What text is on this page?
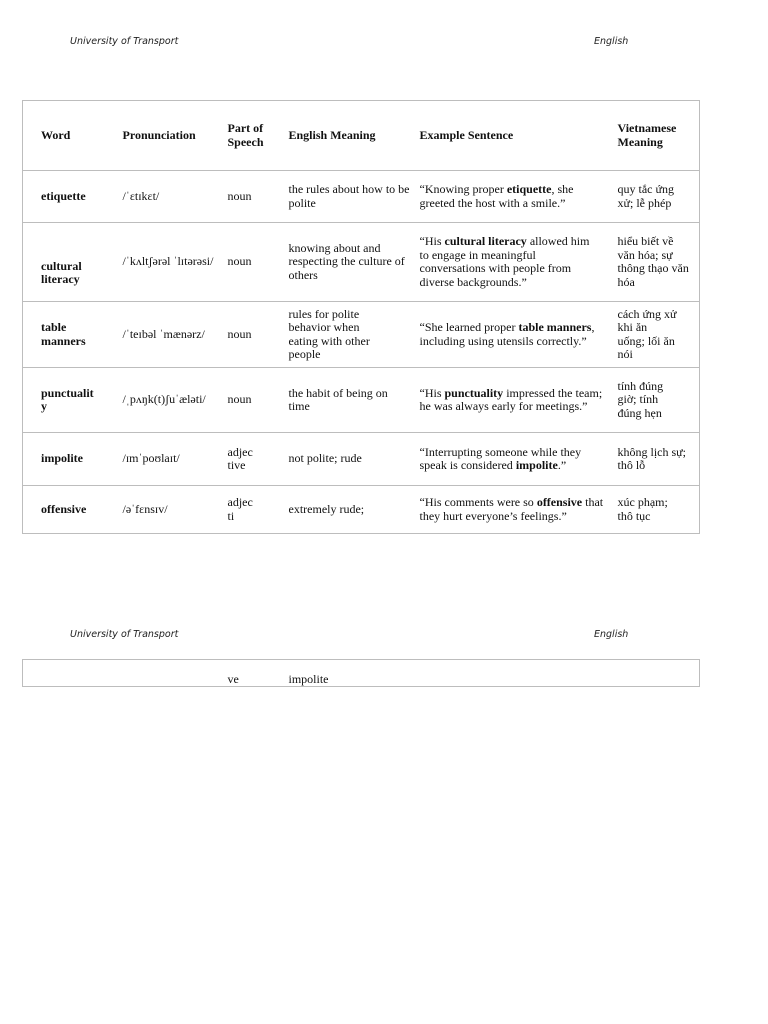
University of Transport	English
Word	Pronunciation	Part of Speech	English Meaning	Example Sentence	Vietnamese Meaning
etiquette	/ˈɛtɪkɛt/	noun	the rules about how to be polite	“Knowing proper etiquette, she greeted the host with a smile.”	quy tắc ứng xử; lễ phép
cultural literacy	/ˈkʌltʃərəl ˈlɪtərəsi/	noun	knowing about and respecting the culture of others	“His cultural literacy allowed him to engage in meaningful conversations with people from diverse backgrounds.”	hiểu biết về văn hóa; sự thông thạo văn hóa
table manners	/ˈteɪbəl ˈmænərz/	noun	rules for polite behavior when eating with other people	“She learned proper table manners, including using utensils correctly.”	cách ứng xử khi ăn uống; lối ăn nói
punctuality	/ˌpʌŋk(t)ʃuˈæləti/	noun	the habit of being on time	“His punctuality impressed the team; he was always early for meetings.”	tính đúng giờ; tính đúng hẹn
impolite	/ɪmˈpoʊlaɪt/	adjective	not polite; rude	“Interrupting someone while they speak is considered impolite.”	không lịch sự; thô lỗ
offensive	/əˈfɛnsɪv/	adjecti	extremely rude;	“His comments were so offensive that they hurt everyone’s feelings.”	xúc phạm; thô tục
University of Transport	English
		ve	impolite		
